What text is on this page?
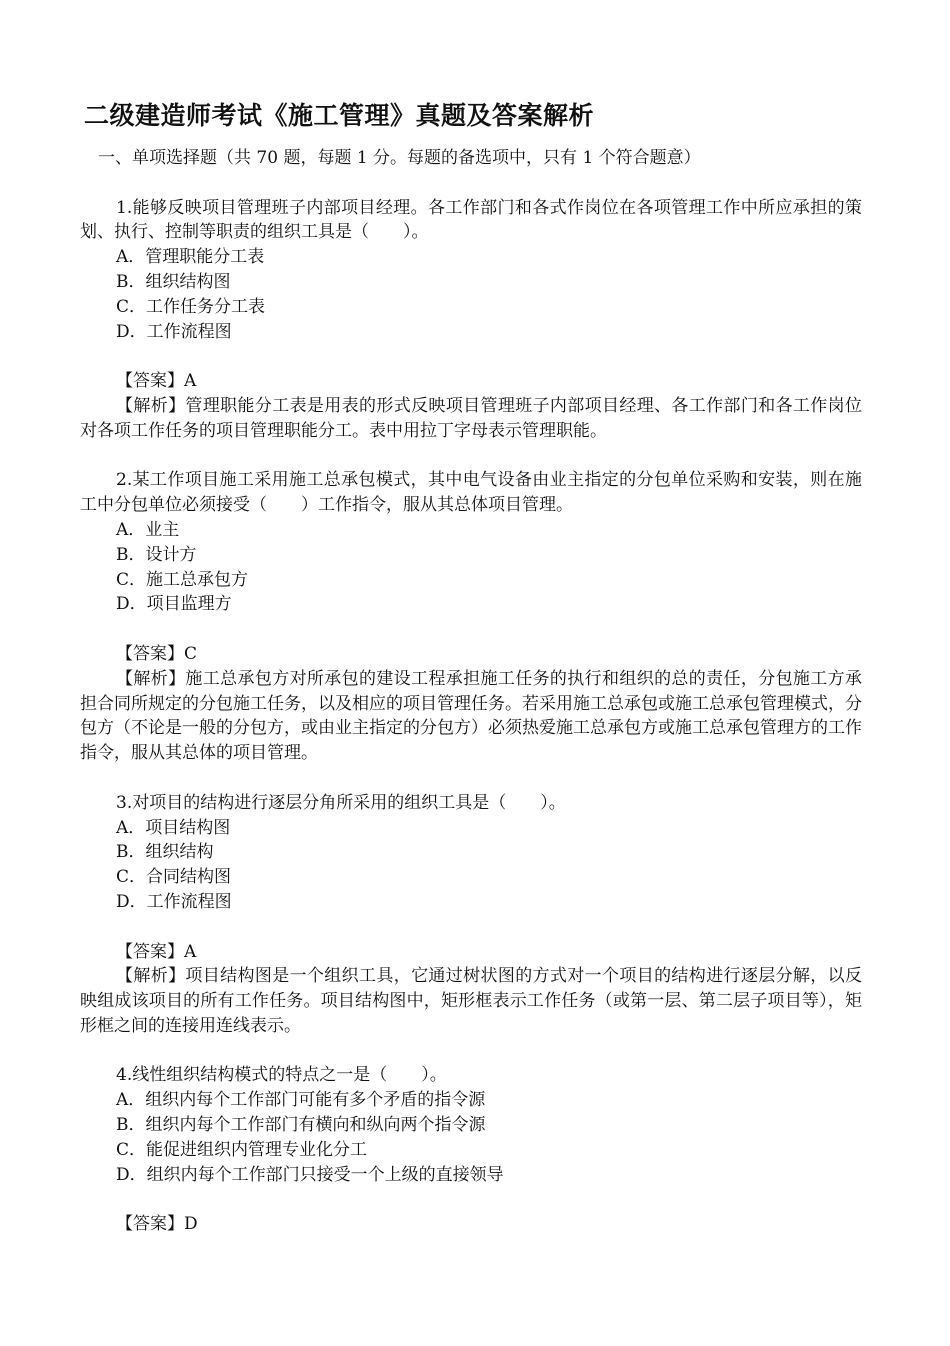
二级建造师考试《施工管理》真题及答案解析
一、单项选择题（共 70 题，每题 1 分。每题的备选项中，只有 1 个符合题意）
1.能够反映项目管理班子内部项目经理。各工作部门和各式作岗位在各项管理工作中所应承担的策划、执行、控制等职责的组织工具是（　　）。
A．管理职能分工表
B．组织结构图
C．工作任务分工表
D．工作流程图
【答案】A
【解析】管理职能分工表是用表的形式反映项目管理班子内部项目经理、各工作部门和各工作岗位对各项工作任务的项目管理职能分工。表中用拉丁字母表示管理职能。
2.某工作项目施工采用施工总承包模式，其中电气设备由业主指定的分包单位采购和安装，则在施工中分包单位必须接受（　　）工作指令，服从其总体项目管理。
A．业主
B．设计方
C．施工总承包方
D．项目监理方
【答案】C
【解析】施工总承包方对所承包的建设工程承担施工任务的执行和组织的总的责任，分包施工方承担合同所规定的分包施工任务，以及相应的项目管理任务。若采用施工总承包或施工总承包管理模式，分包方（不论是一般的分包方，或由业主指定的分包方）必须热爱施工总承包方或施工总承包管理方的工作指令，服从其总体的项目管理。
3.对项目的结构进行逐层分角所采用的组织工具是（　　）。
A．项目结构图
B．组织结构
C．合同结构图
D．工作流程图
【答案】A
【解析】项目结构图是一个组织工具，它通过树状图的方式对一个项目的结构进行逐层分解，以反映组成该项目的所有工作任务。项目结构图中，矩形框表示工作任务（或第一层、第二层子项目等），矩形框之间的连接用连线表示。
4.线性组织结构模式的特点之一是（　　）。
A．组织内每个工作部门可能有多个矛盾的指令源
B．组织内每个工作部门有横向和纵向两个指令源
C．能促进组织内管理专业化分工
D．组织内每个工作部门只接受一个上级的直接领导
【答案】D
